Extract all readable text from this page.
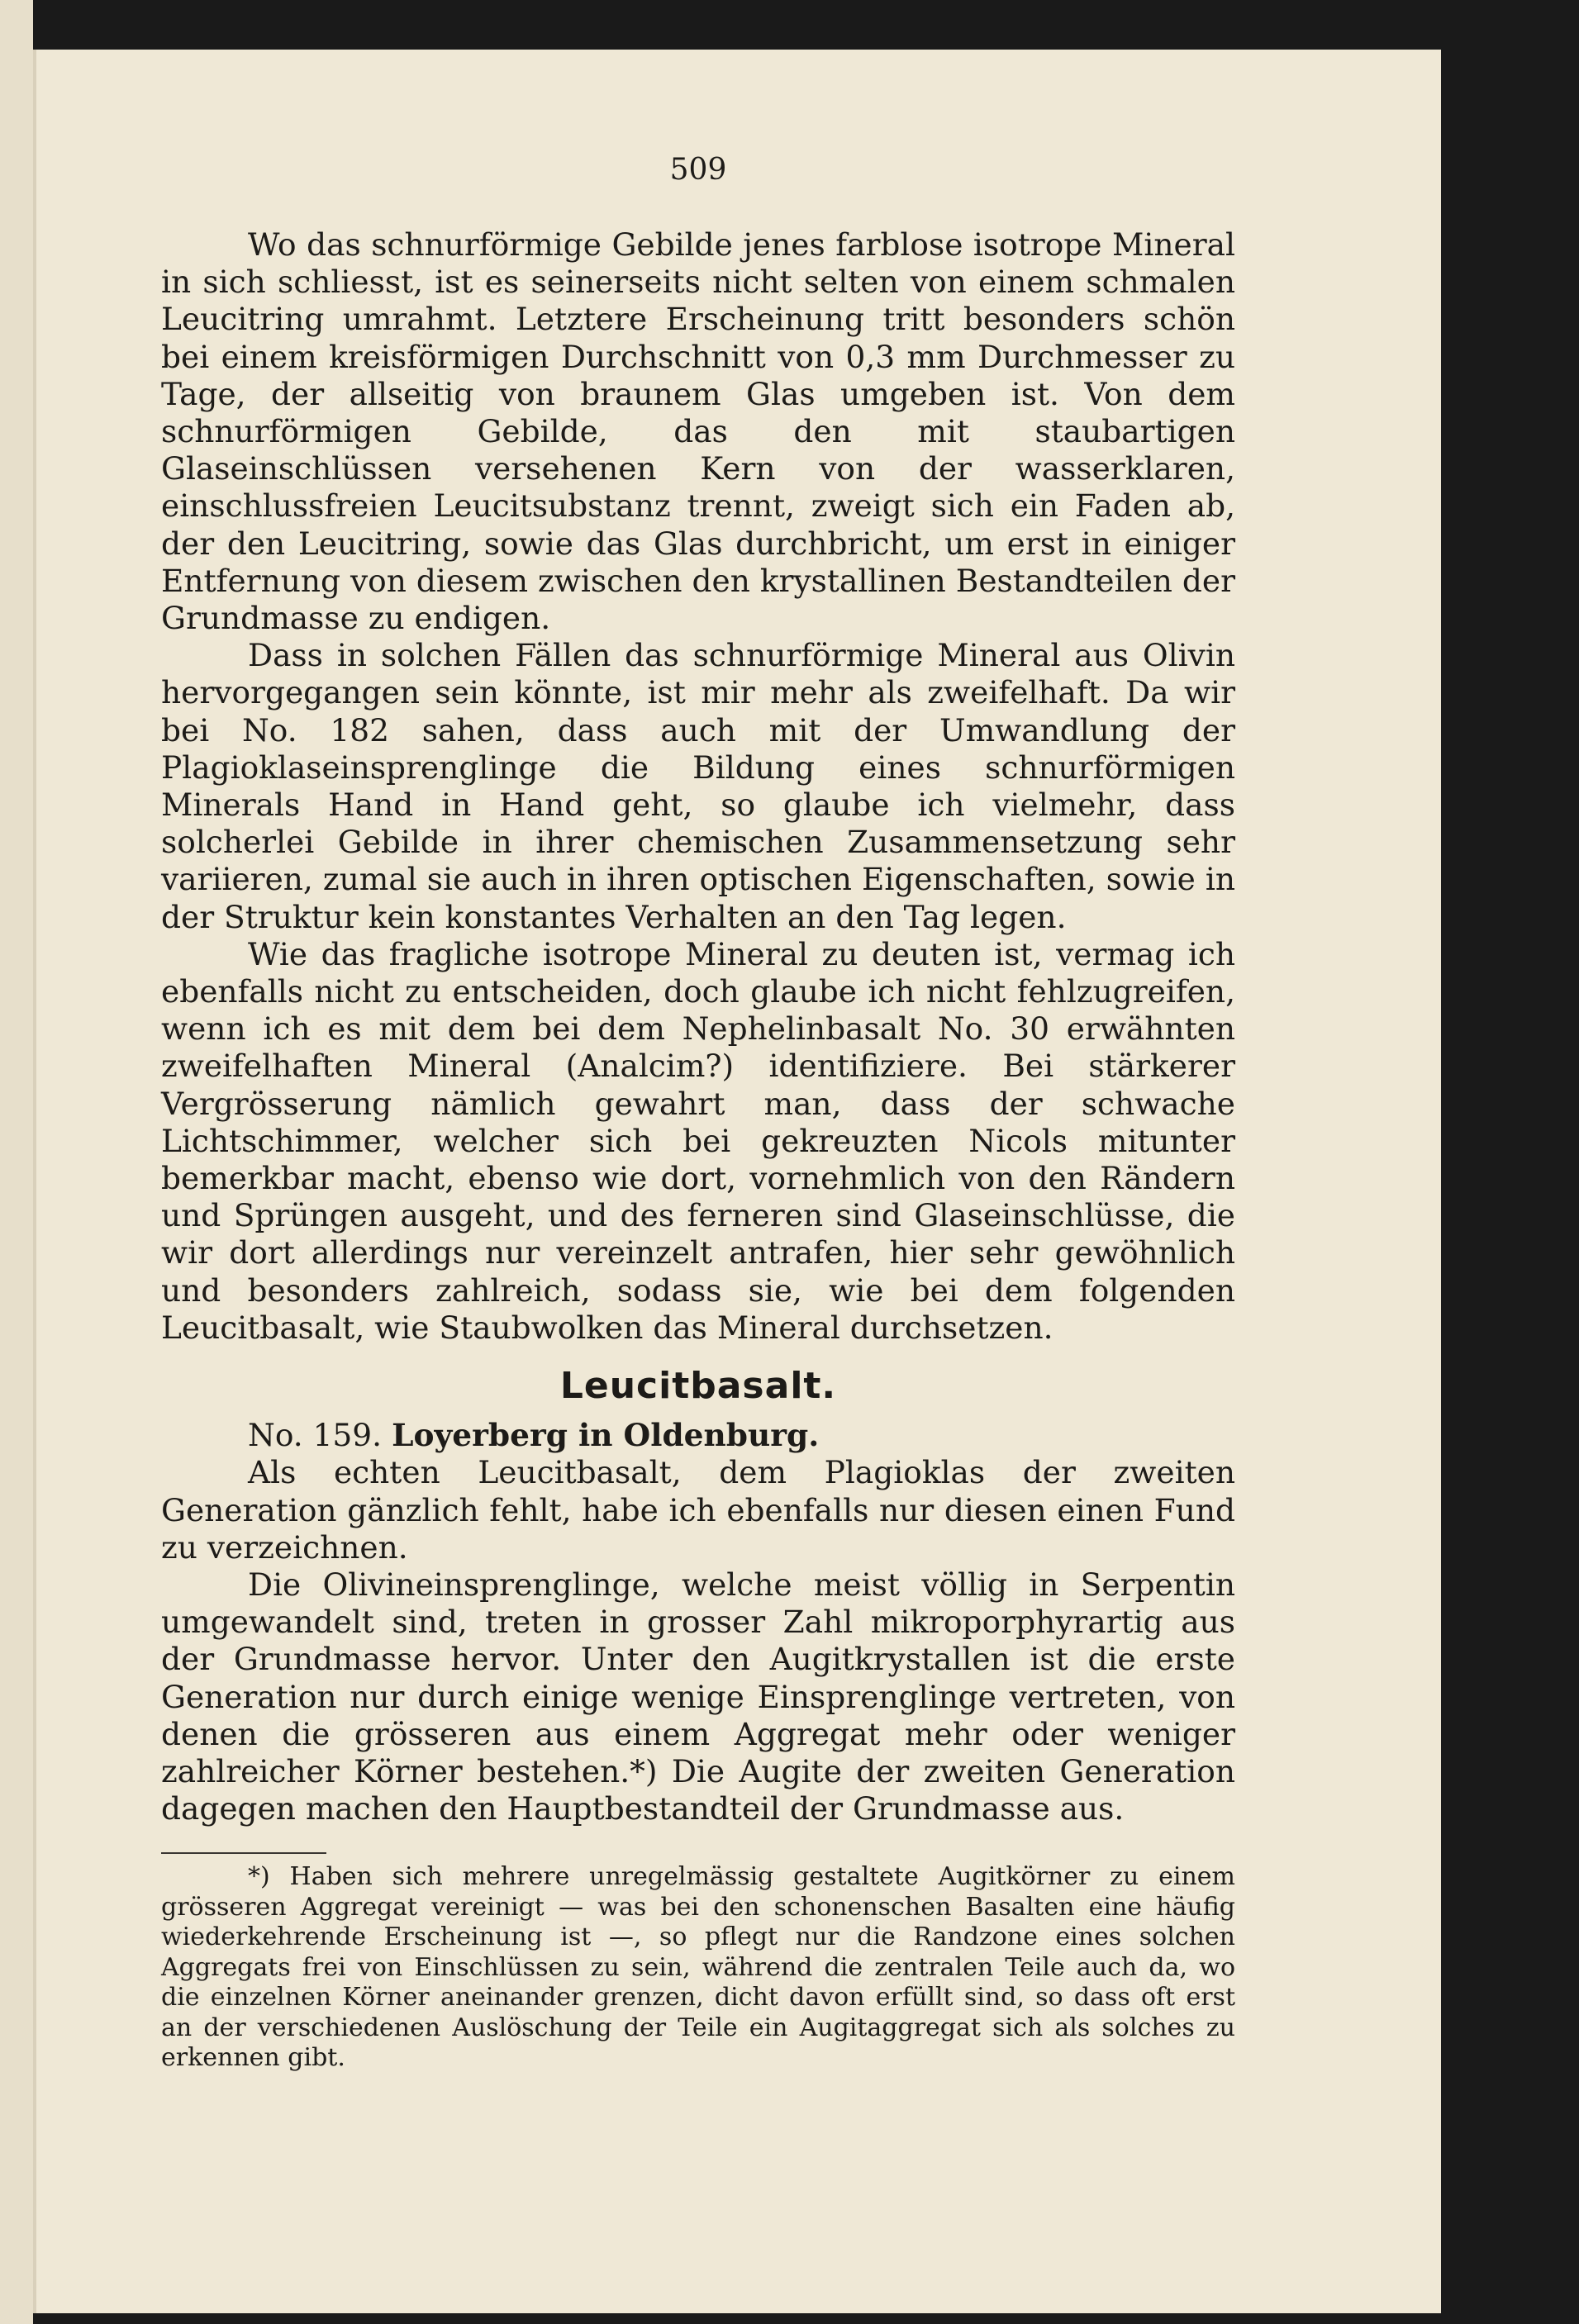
509

Wo das schnurförmige Gebilde jenes farblose isotrope Mineral in sich schliesst, ist es seinerseits nicht selten von einem schmalen Leucitring umrahmt. Letztere Erscheinung tritt besonders schön bei einem kreisförmigen Durchschnitt von 0,3 mm Durchmesser zu Tage, der allseitig von braunem Glas umgeben ist. Von dem schnurförmigen Gebilde, das den mit staubartigen Glaseinschlüssen versehenen Kern von der wasserklaren, einschlussfreien Leucitsubstanz trennt, zweigt sich ein Faden ab, der den Leucitring, sowie das Glas durchbricht, um erst in einiger Entfernung von diesem zwischen den krystallinen Bestandteilen der Grundmasse zu endigen.

Dass in solchen Fällen das schnurförmige Mineral aus Olivin hervorgegangen sein könnte, ist mir mehr als zweifelhaft. Da wir bei No. 182 sahen, dass auch mit der Umwandlung der Plagioklaseinsprenglinge die Bildung eines schnurförmigen Minerals Hand in Hand geht, so glaube ich vielmehr, dass solcherlei Gebilde in ihrer chemischen Zusammensetzung sehr variieren, zumal sie auch in ihren optischen Eigenschaften, sowie in der Struktur kein konstantes Verhalten an den Tag legen.

Wie das fragliche isotrope Mineral zu deuten ist, vermag ich ebenfalls nicht zu entscheiden, doch glaube ich nicht fehlzugreifen, wenn ich es mit dem bei dem Nephelinbasalt No. 30 erwähnten zweifelhaften Mineral (Analcim?) identifiziere. Bei stärkerer Vergrösserung nämlich gewahrt man, dass der schwache Lichtschimmer, welcher sich bei gekreuzten Nicols mitunter bemerkbar macht, ebenso wie dort, vornehmlich von den Rändern und Sprüngen ausgeht, und des ferneren sind Glaseinschlüsse, die wir dort allerdings nur vereinzelt antrafen, hier sehr gewöhnlich und besonders zahlreich, sodass sie, wie bei dem folgenden Leucitbasalt, wie Staubwolken das Mineral durchsetzen.

Leucitbasalt.

No. 159. Loyerberg in Oldenburg.

Als echten Leucitbasalt, dem Plagioklas der zweiten Generation gänzlich fehlt, habe ich ebenfalls nur diesen einen Fund zu verzeichnen.

Die Olivineinsprenglinge, welche meist völlig in Serpentin umgewandelt sind, treten in grosser Zahl mikroporphyrartig aus der Grundmasse hervor. Unter den Augitkrystallen ist die erste Generation nur durch einige wenige Einsprenglinge vertreten, von denen die grösseren aus einem Aggregat mehr oder weniger zahlreicher Körner bestehen.*) Die Augite der zweiten Generation dagegen machen den Hauptbestandteil der Grundmasse aus.

*) Haben sich mehrere unregelmässig gestaltete Augitkörner zu einem grösseren Aggregat vereinigt — was bei den schonenschen Basalten eine häufig wiederkehrende Erscheinung ist —, so pflegt nur die Randzone eines solchen Aggregats frei von Einschlüssen zu sein, während die zentralen Teile auch da, wo die einzelnen Körner aneinander grenzen, dicht davon erfüllt sind, so dass oft erst an der verschiedenen Auslöschung der Teile ein Augitaggregat sich als solches zu erkennen gibt.
